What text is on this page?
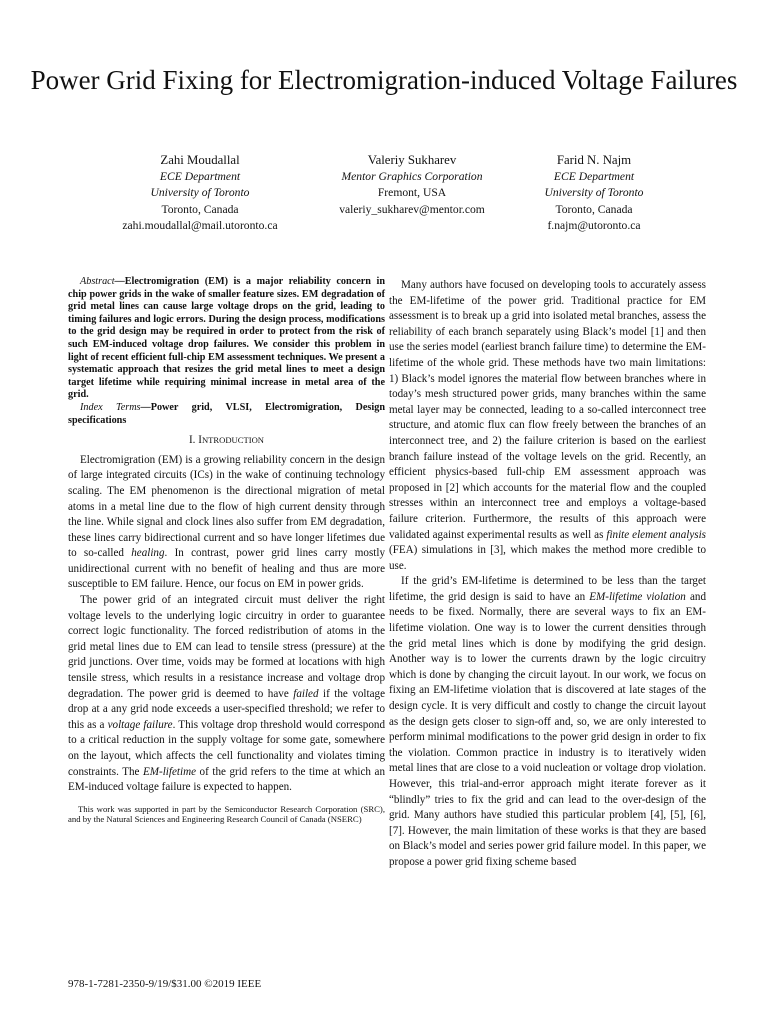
Power Grid Fixing for Electromigration-induced Voltage Failures
Zahi Moudallal
ECE Department
University of Toronto
Toronto, Canada
zahi.moudallal@mail.utoronto.ca
Valeriy Sukharev
Mentor Graphics Corporation
Fremont, USA
valeriy_sukharev@mentor.com
Farid N. Najm
ECE Department
University of Toronto
Toronto, Canada
f.najm@utoronto.ca

Abstract—Electromigration (EM) is a major reliability concern in chip power grids in the wake of smaller feature sizes. EM degradation of grid metal lines can cause large voltage drops on the grid, leading to timing failures and logic errors. During the design process, modifications to the grid design may be required in order to protect from the risk of such EM-induced voltage drop failures. We consider this problem in light of recent efficient full-chip EM assessment techniques. We present a systematic approach that resizes the grid metal lines to meet a design target lifetime while requiring minimal increase in metal area of the grid.

Index Terms—Power grid, VLSI, Electromigration, Design specifications

I. INTRODUCTION

Electromigration (EM) is a growing reliability concern in the design of large integrated circuits (ICs) in the wake of continuing technology scaling. The EM phenomenon is the directional migration of metal atoms in a metal line due to the flow of high current density through the line. While signal and clock lines also suffer from EM degradation, these lines carry bidirectional current and so have longer lifetimes due to so-called healing. In contrast, power grid lines carry mostly unidirectional current with no benefit of healing and thus are more susceptible to EM failure. Hence, our focus on EM in power grids.

The power grid of an integrated circuit must deliver the right voltage levels to the underlying logic circuitry in order to guarantee correct logic functionality. The forced redistribution of atoms in the grid metal lines due to EM can lead to tensile stress (pressure) at the grid junctions. Over time, voids may be formed at locations with high tensile stress, which results in a resistance increase and voltage drop degradation. The power grid is deemed to have failed if the voltage drop at a any grid node exceeds a user-specified threshold; we refer to this as a voltage failure. This voltage drop threshold would correspond to a critical reduction in the supply voltage for some gate, somewhere on the layout, which affects the cell functionality and violates timing constraints. The EM-lifetime of the grid refers to the time at which an EM-induced voltage failure is expected to happen.

This work was supported in part by the Semiconductor Research Corporation (SRC), and by the Natural Sciences and Engineering Research Council of Canada (NSERC)

Many authors have focused on developing tools to accurately assess the EM-lifetime of the power grid. Traditional practice for EM assessment is to break up a grid into isolated metal branches, assess the reliability of each branch separately using Black’s model [1] and then use the series model (earliest branch failure time) to determine the EM-lifetime of the whole grid. These methods have two main limitations: 1) Black’s model ignores the material flow between branches where in today’s mesh structured power grids, many branches within the same metal layer may be connected, leading to a so-called interconnect tree structure, and atomic flux can flow freely between the branches of an interconnect tree, and 2) the failure criterion is based on the earliest branch failure instead of the voltage levels on the grid. Recently, an efficient physics-based full-chip EM assessment approach was proposed in [2] which accounts for the material flow and the coupled stresses within an interconnect tree and employs a voltage-based failure criterion. Furthermore, the results of this approach were validated against experimental results as well as finite element analysis (FEA) simulations in [3], which makes the method more credible to use.

If the grid’s EM-lifetime is determined to be less than the target lifetime, the grid design is said to have an EM-lifetime violation and needs to be fixed. Normally, there are several ways to fix an EM-lifetime violation. One way is to lower the current densities through the grid metal lines which is done by modifying the grid design. Another way is to lower the currents drawn by the logic circuitry which is done by changing the circuit layout. In our work, we focus on fixing an EM-lifetime violation that is discovered at late stages of the design cycle. It is very difficult and costly to change the circuit layout as the design gets closer to sign-off and, so, we are only interested to perform minimal modifications to the power grid design in order to fix the violation. Common practice in industry is to iteratively widen metal lines that are close to a void nucleation or voltage drop violation. However, this trial-and-error approach might iterate forever as it “blindly” tries to fix the grid and can lead to the over-design of the grid. Many authors have studied this particular problem [4], [5], [6], [7]. However, the main limitation of these works is that they are based on Black’s model and series power grid failure model. In this paper, we propose a power grid fixing scheme based

978-1-7281-2350-9/19/$31.00 ©2019 IEEE
